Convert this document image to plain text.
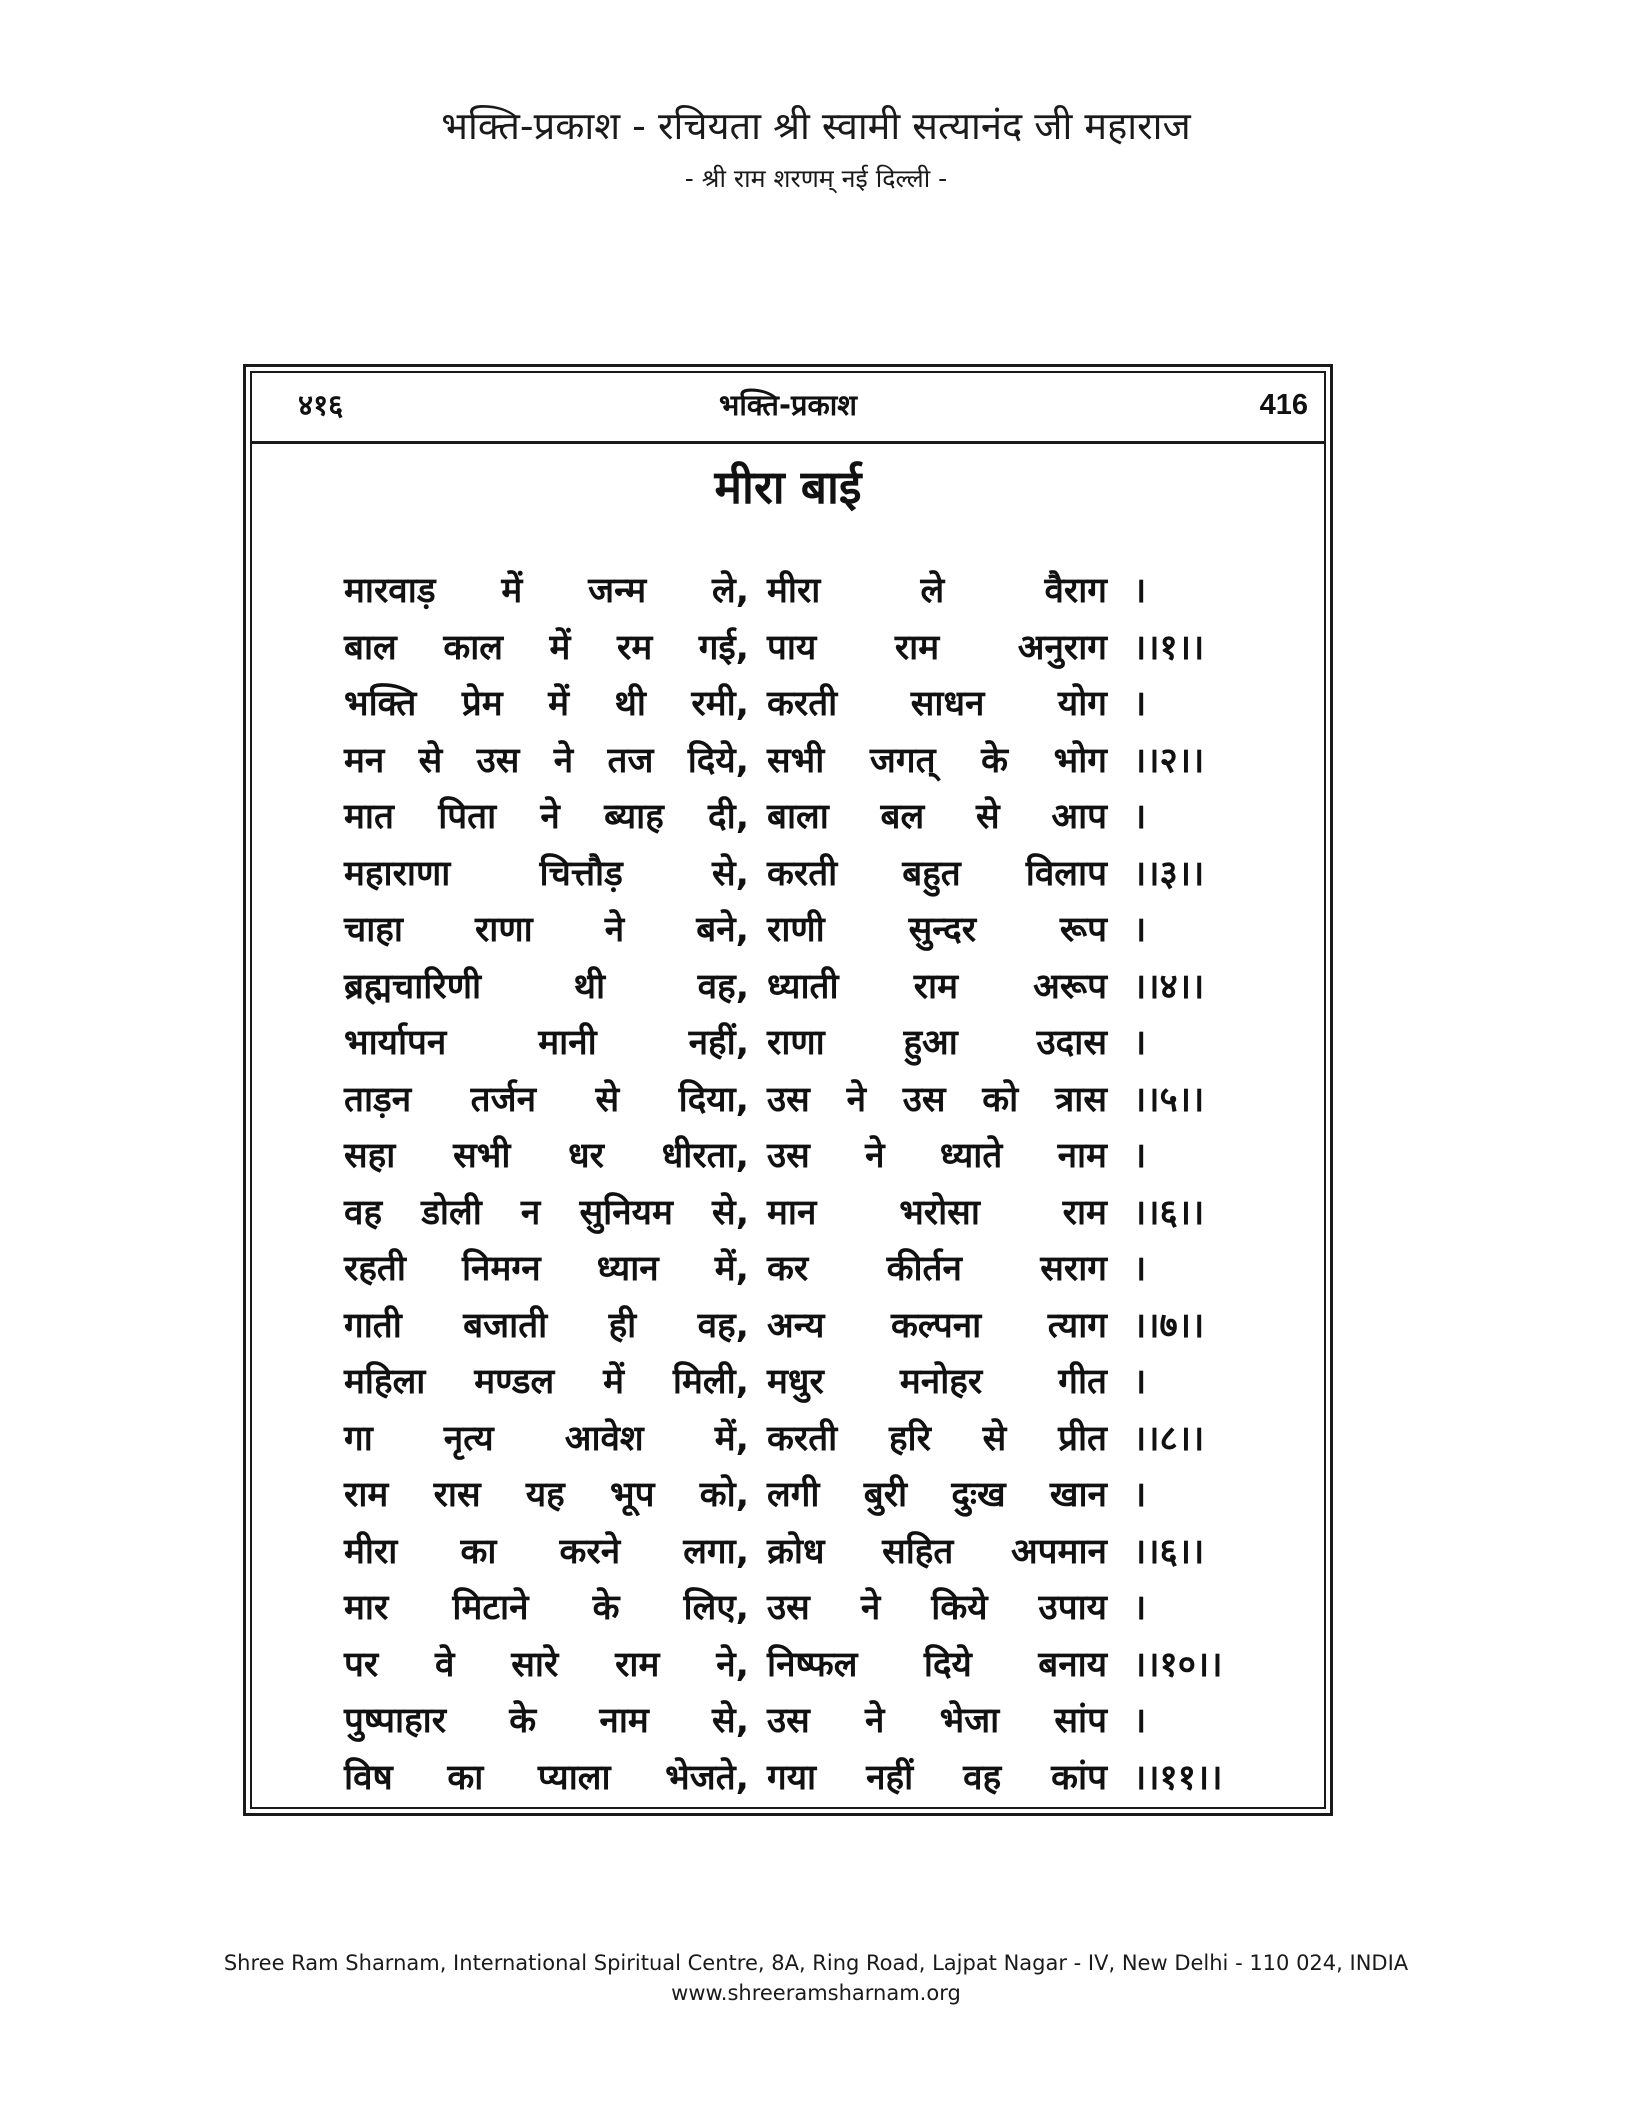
भक्ति-प्रकाश - रचियता श्री स्वामी सत्यानंद जी महाराज
- श्री राम शरणम् नई दिल्ली -
४१६	भक्ति-प्रकाश	416
मीरा बाई
मारवाड़ में जन्म ले, मीरा	ले	वैराग ।
बाल काल में रम गई, पाय राम अनुराग ।।१।।
भक्ति प्रेम में थी रमी, करती साधन योग ।
मन से उस ने तज दिये, सभी जगत् के भोग ।।२।।
मात पिता ने ब्याह दी, बाला बल से आप ।
महाराणा	चित्तौड़	से, करती बहुत विलाप ।।३।।
चाहा राणा ने बने, राणी सुन्दर रूप ।
ब्रह्मचारिणी	थी	वह, ध्याती राम अरूप ।।४।।
भार्यापन	मानी	नहीं, राणा हुआ उदास ।
ताड़न तर्जन से दिया, उस ने उस को त्रास ।।५।।
सहा सभी धर धीरता, उस ने ध्याते नाम ।
वह डोली न सुनियम से, मान भरोसा राम ।।६।।
रहती निमग्न ध्यान में, कर कीर्तन सराग ।
गाती बजाती ही वह, अन्य कल्पना त्याग ।।७।।
महिला मण्डल में मिली, मधुर मनोहर गीत ।
गा नृत्य आवेश में, करती हरि से प्रीत ।।८।।
राम रास यह भूप को, लगी बुरी दुःख खान ।
मीरा का करने लगा, क्रोध सहित अपमान ।।६।।
मार मिटाने के लिए, उस ने किये उपाय ।
पर वे सारे राम ने, निष्फल दिये बनाय ।।१०।।
पुष्पाहार के नाम से, उस ने भेजा सांप ।
विष का प्याला भेजते, गया नहीं वह कांप ।।११।।
Shree Ram Sharnam, International Spiritual Centre, 8A, Ring Road, Lajpat Nagar - IV, New Delhi - 110 024, INDIA
www.shreeramsharnam.org
